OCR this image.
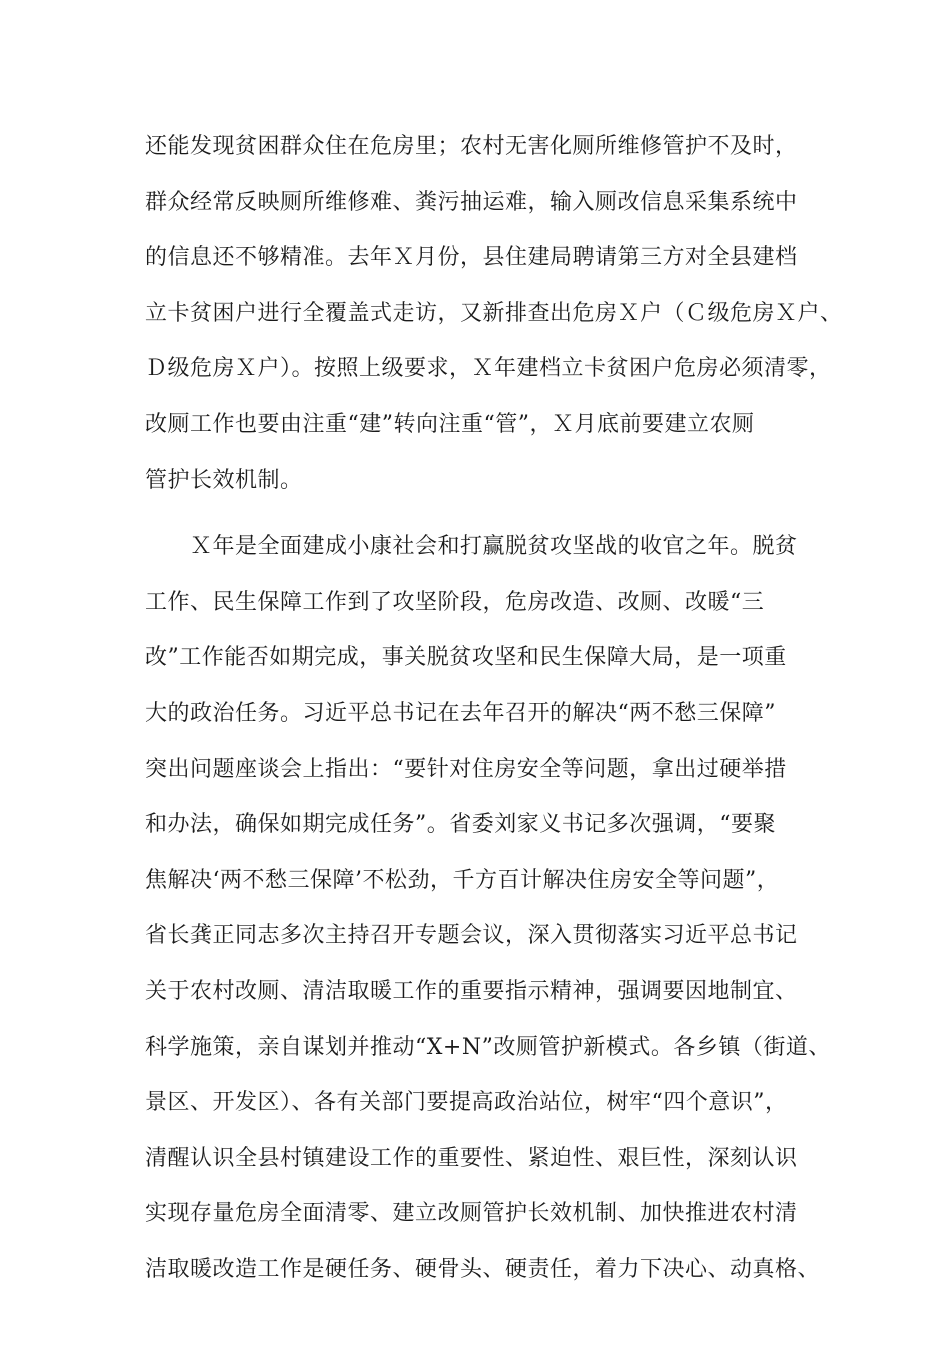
还能发现贫困群众住在危房里；农村无害化厕所维修管护不及时，
群众经常反映厕所维修难、粪污抽运难，输入厕改信息采集系统中
的信息还不够精准。去年Ｘ月份，县住建局聘请第三方对全县建档
立卡贫困户进行全覆盖式走访，又新排查出危房Ｘ户（Ｃ级危房Ｘ户、
Ｄ级危房Ｘ户）。按照上级要求，Ｘ年建档立卡贫困户危房必须清零，
改厕工作也要由注重“建”转向注重“管”，Ｘ月底前要建立农厕
管护长效机制。
　　Ｘ年是全面建成小康社会和打赢脱贫攻坚战的收官之年。脱贫
工作、民生保障工作到了攻坚阶段，危房改造、改厕、改暖“三
改”工作能否如期完成，事关脱贫攻坚和民生保障大局，是一项重
大的政治任务。习近平总书记在去年召开的解决“两不愁三保障”
突出问题座谈会上指出：“要针对住房安全等问题，拿出过硬举措
和办法，确保如期完成任务”。省委刘家义书记多次强调，“要聚
焦解决‘两不愁三保障’不松劲，千方百计解决住房安全等问题”，
省长龚正同志多次主持召开专题会议，深入贯彻落实习近平总书记
关于农村改厕、清洁取暖工作的重要指示精神，强调要因地制宜、
科学施策，亲自谋划并推动“X+N”改厕管护新模式。各乡镇（街道、
景区、开发区）、各有关部门要提高政治站位，树牢“四个意识”，
清醒认识全县村镇建设工作的重要性、紧迫性、艰巨性，深刻认识
实现存量危房全面清零、建立改厕管护长效机制、加快推进农村清
洁取暖改造工作是硬任务、硬骨头、硬责任，着力下决心、动真格、
